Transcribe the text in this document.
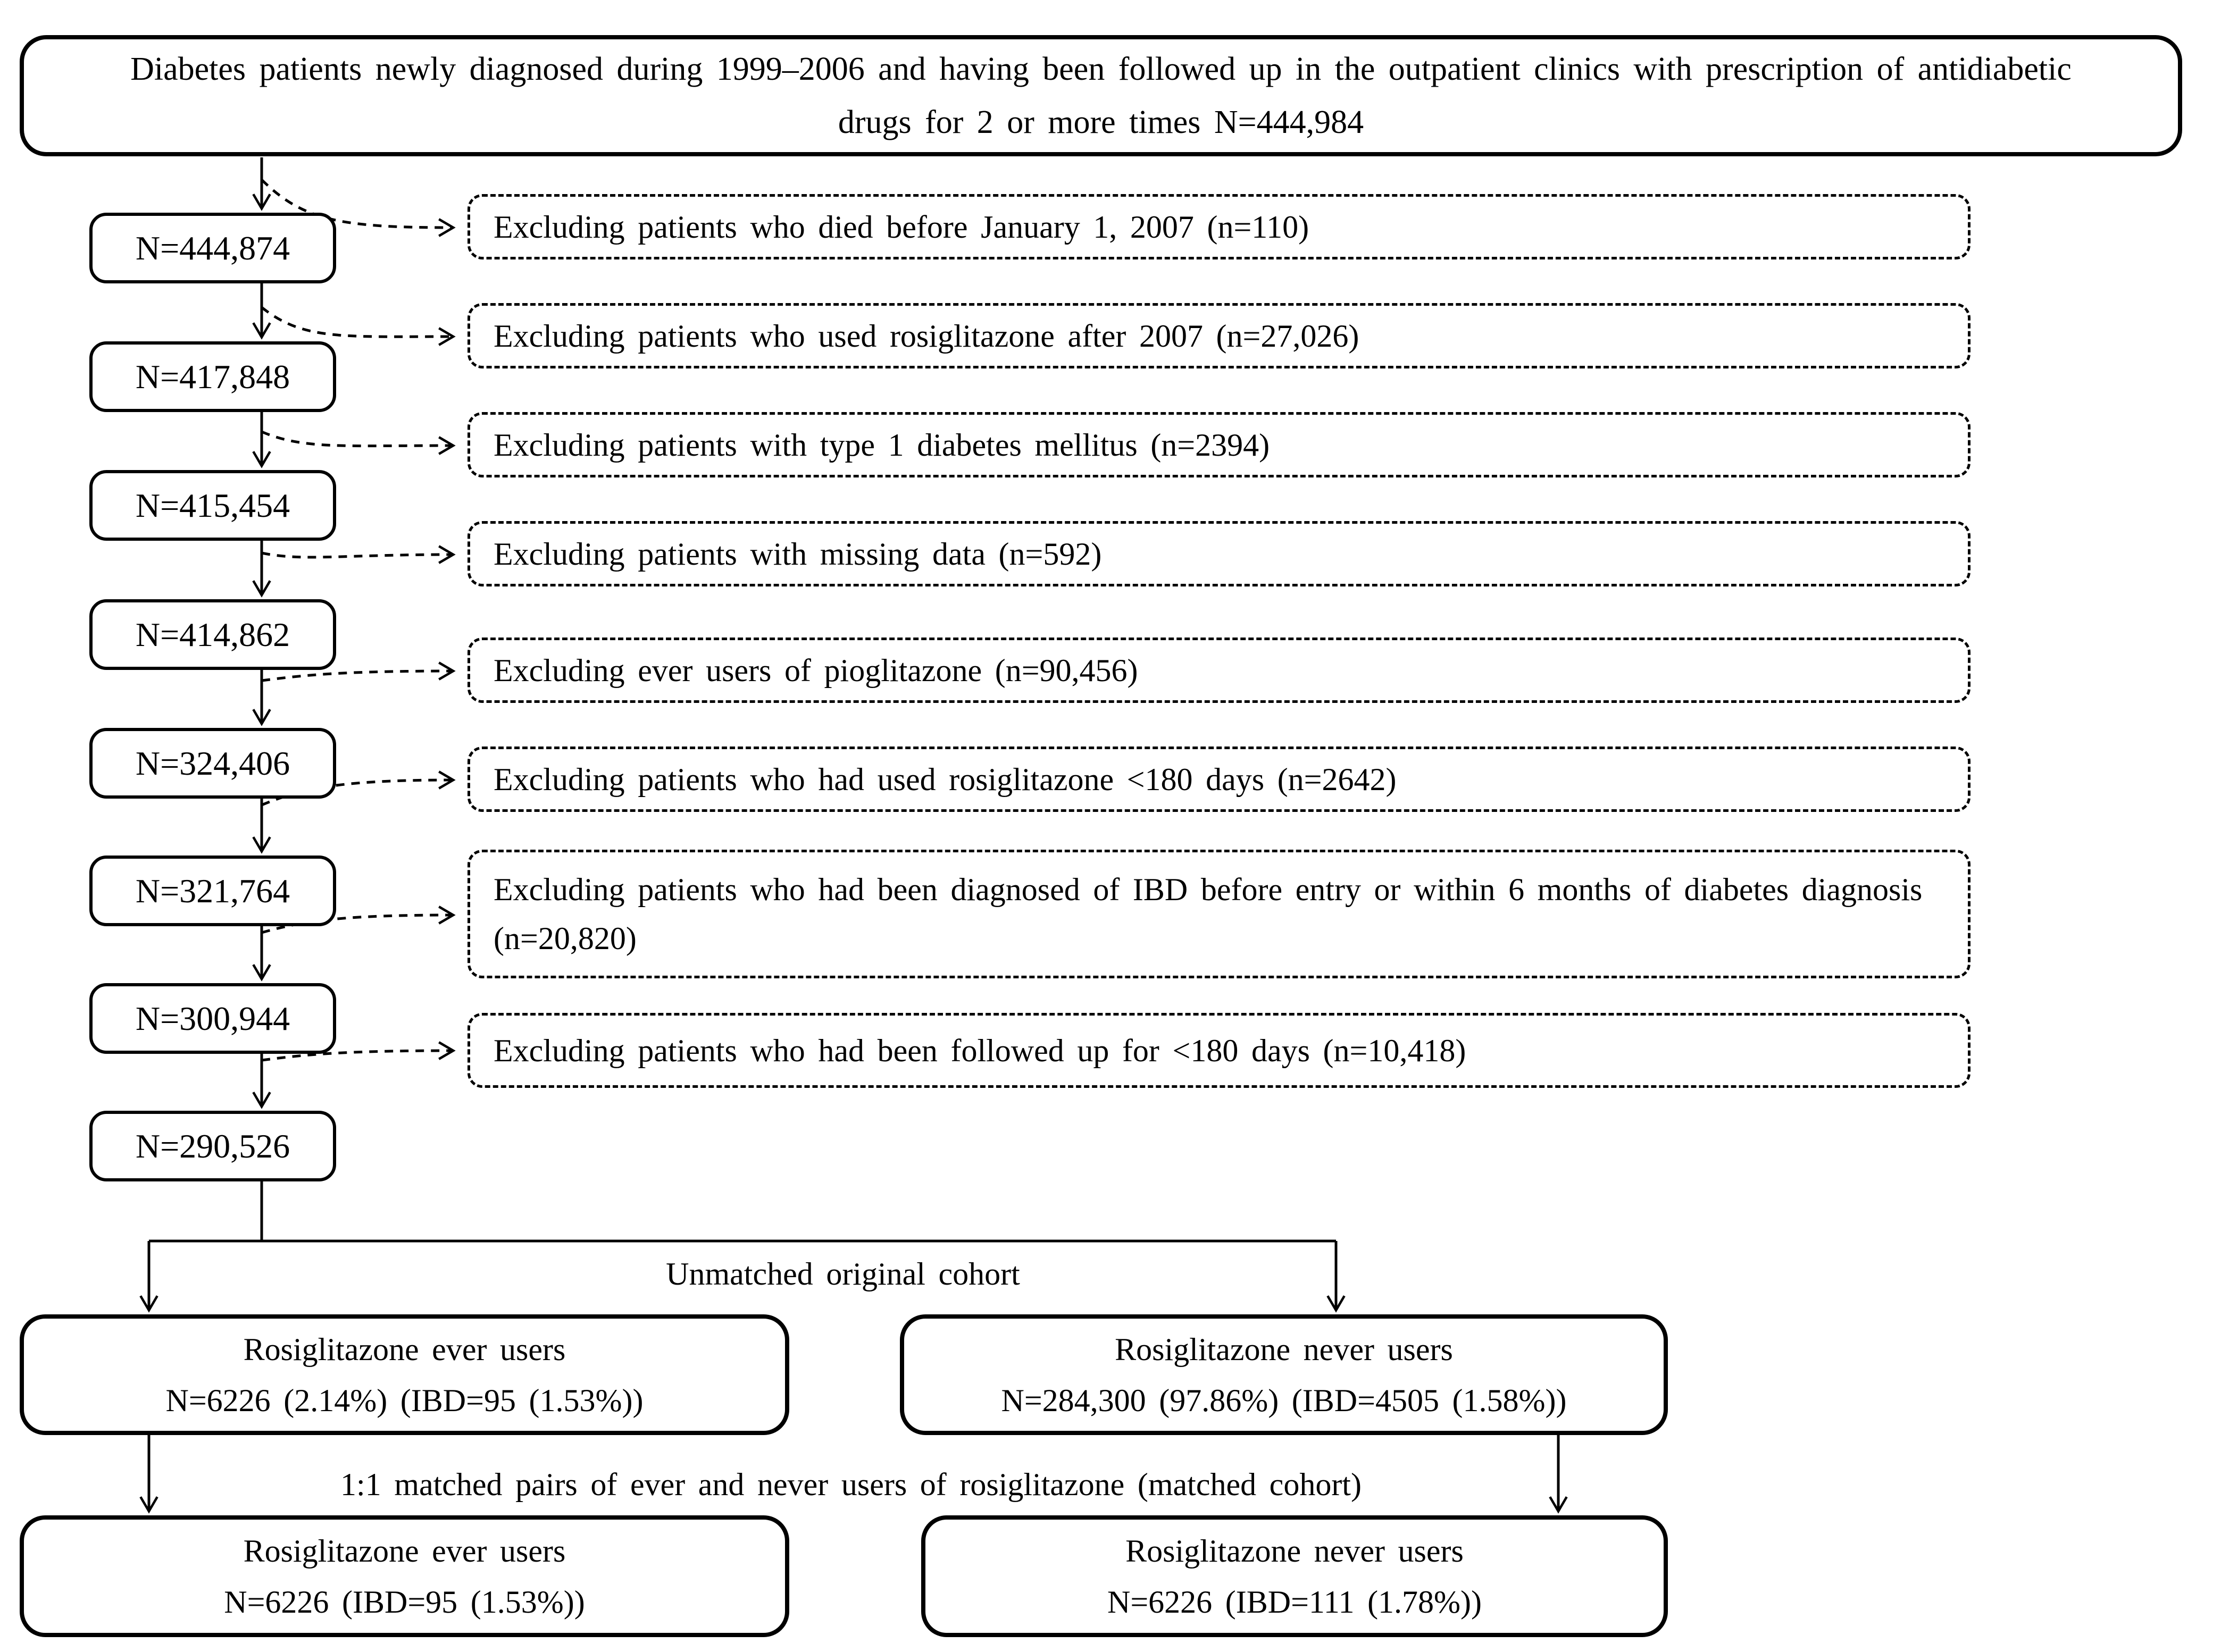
Diabetes patients newly diagnosed during 1999–2006 and having been followed up in the outpatient clinics with prescription of antidiabetic drugs for 2 or more times N=444,984
N=444,874
N=417,848
N=415,454
N=414,862
N=324,406
N=321,764
N=300,944
N=290,526
Excluding patients who died before January 1, 2007 (n=110)
Excluding patients who used rosiglitazone after 2007 (n=27,026)
Excluding patients with type 1 diabetes mellitus (n=2394)
Excluding patients with missing data (n=592)
Excluding ever users of pioglitazone (n=90,456)
Excluding patients who had used rosiglitazone <180 days (n=2642)
Excluding patients who had been diagnosed of IBD before entry or within 6 months of diabetes diagnosis (n=20,820)
Excluding patients who had been followed up for <180 days (n=10,418)
Unmatched original cohort
Rosiglitazone ever users
N=6226 (2.14%) (IBD=95 (1.53%))
Rosiglitazone never users
N=284,300 (97.86%) (IBD=4505 (1.58%))
1:1 matched pairs of ever and never users of rosiglitazone (matched cohort)
Rosiglitazone ever users
N=6226 (IBD=95 (1.53%))
Rosiglitazone never users
N=6226 (IBD=111 (1.78%))
